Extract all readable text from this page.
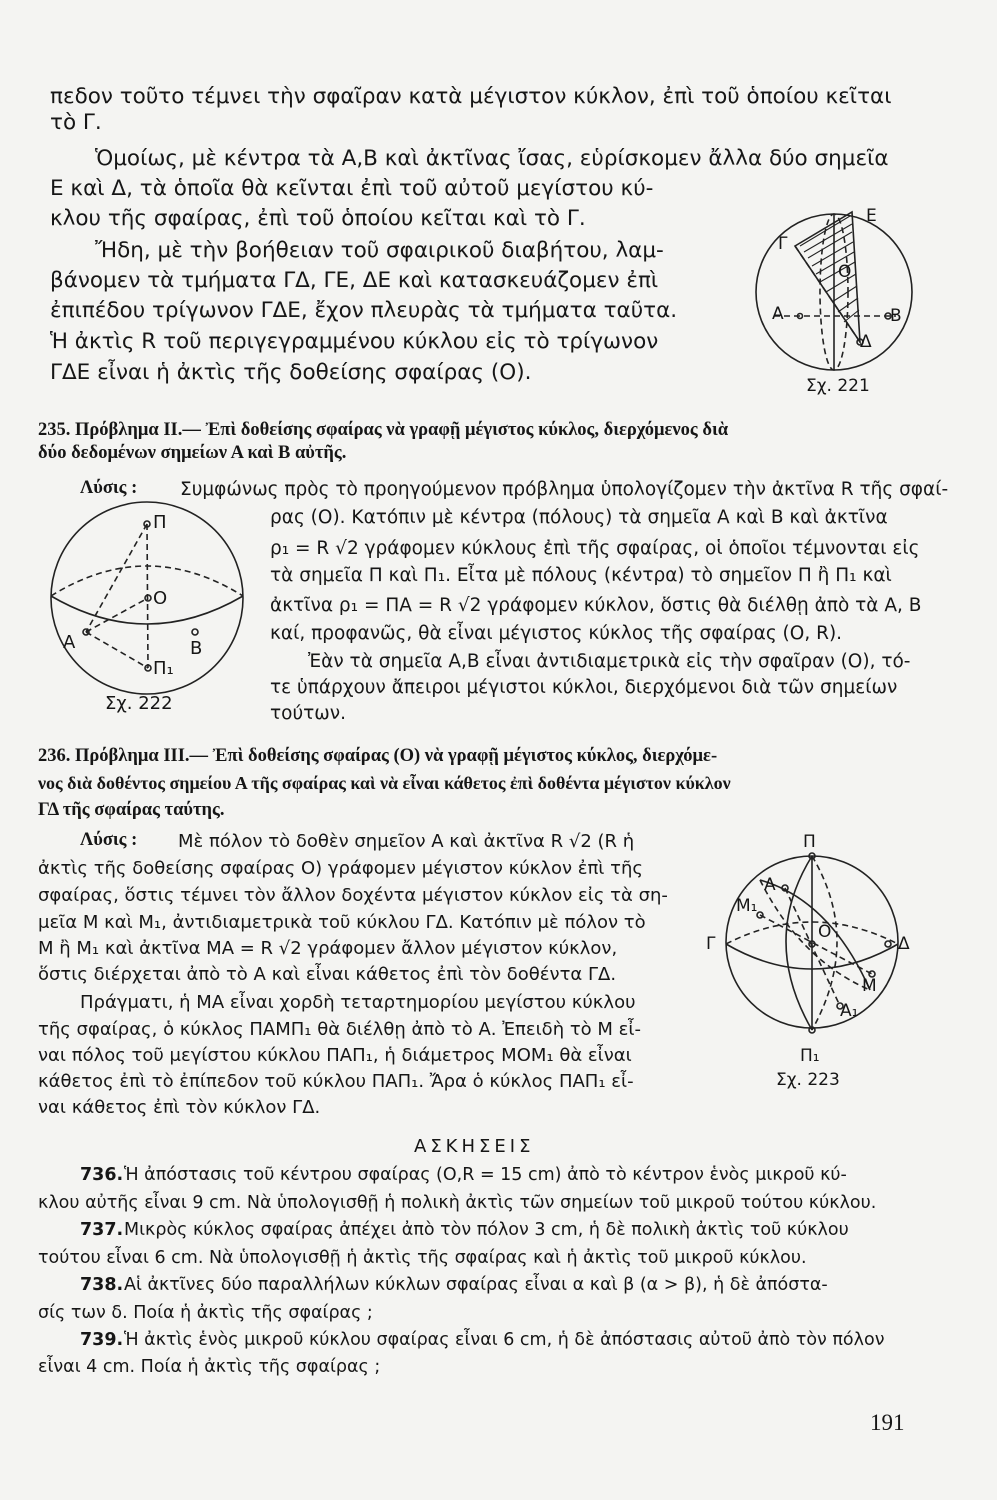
πεδον τοῦτο τέμνει τὴν σφαῖραν κατὰ μέγιστον κύκλον, ἐπὶ τοῦ ὁποίου κεῖται
τὸ Γ.
Ὁμοίως, μὲ κέντρα τὰ Α,Β καὶ ἀκτῖνας ἴσας, εὑρίσκομεν ἄλλα δύο σημεῖα
Ε καὶ Δ, τὰ ὁποῖα θὰ κεῖνται ἐπὶ τοῦ αὐτοῦ μεγίστου κύ-
κλου τῆς σφαίρας, ἐπὶ τοῦ ὁποίου κεῖται καὶ τὸ Γ.
Ἤδη, μὲ τὴν βοήθειαν τοῦ σφαιρικοῦ διαβήτου, λαμ-
βάνομεν τὰ τμήματα ΓΔ, ΓΕ, ΔΕ καὶ κατασκευάζομεν ἐπὶ
ἐπιπέδου τρίγωνον ΓΔΕ, ἔχον πλευρὰς τὰ τμήματα ταῦτα.
Ἡ ἀκτὶς R τοῦ περιγεγραμμένου κύκλου εἰς τὸ τρίγωνον
ΓΔΕ εἶναι ἡ ἀκτὶς τῆς δοθείσης σφαίρας (Ο).
Γ
Ε
Ο
Α	Β
Δ
Σχ. 221
235. Πρόβλημα ΙΙ.— Ἐπὶ δοθείσης σφαίρας νὰ γραφῇ μέγιστος κύκλος, διερχόμενος διὰ
δύο δεδομένων σημείων Α καὶ Β αὐτῆς.
Λύσις : Συμφώνως πρὸς τὸ προηγούμενον πρόβλημα ὑπολογίζομεν τὴν ἀκτῖνα R τῆς σφαί-
ρας (Ο). Κατόπιν μὲ κέντρα (πόλους) τὰ σημεῖα Α καὶ Β καὶ ἀκτῖνα
ρ₁ = R √2 γράφομεν κύκλους ἐπὶ τῆς σφαίρας, οἱ ὁποῖοι τέμνονται εἰς
τὰ σημεῖα Π καὶ Π₁. Εἶτα μὲ πόλους (κέντρα) τὸ σημεῖον Π ἢ Π₁ καὶ
ἀκτῖνα ρ₁ = ΠΑ = R √2 γράφομεν κύκλον, ὅστις θὰ διέλθῃ ἀπὸ τὰ Α, Β
καί, προφανῶς, θὰ εἶναι μέγιστος κύκλος τῆς σφαίρας (Ο, R).
Ἐὰν τὰ σημεῖα Α,Β εἶναι ἀντιδιαμετρικὰ εἰς τὴν σφαῖραν (Ο), τό-
τε ὑπάρχουν ἄπειροι μέγιστοι κύκλοι, διερχόμενοι διὰ τῶν σημείων
τούτων.
Π
Ο
Α	Β
Π₁
Σχ. 222
236. Πρόβλημα ΙΙΙ.— Ἐπὶ δοθείσης σφαίρας (Ο) νὰ γραφῇ μέγιστος κύκλος, διερχόμε-
νος διὰ δοθέντος σημείου Α τῆς σφαίρας καὶ νὰ εἶναι κάθετος ἐπὶ δοθέντα μέγιστον κύκλον
ΓΔ τῆς σφαίρας ταύτης.
Λύσις : Μὲ πόλον τὸ δοθὲν σημεῖον Α καὶ ἀκτῖνα R √2 (R ἡ
ἀκτὶς τῆς δοθείσης σφαίρας Ο) γράφομεν μέγιστον κύκλον ἐπὶ τῆς
σφαίρας, ὅστις τέμνει τὸν ἄλλον δοχέντα μέγιστον κύκλον εἰς τὰ ση-
μεῖα Μ καὶ Μ₁, ἀντιδιαμετρικὰ τοῦ κύκλου ΓΔ. Κατόπιν μὲ πόλον τὸ
Μ ἢ Μ₁ καὶ ἀκτῖνα ΜΑ = R √2 γράφομεν ἄλλον μέγιστον κύκλον,
ὅστις διέρχεται ἀπὸ τὸ Α καὶ εἶναι κάθετος ἐπὶ τὸν δοθέντα ΓΔ.
Πράγματι, ἡ ΜΑ εἶναι χορδὴ τεταρτημορίου μεγίστου κύκλου
τῆς σφαίρας, ὁ κύκλος ΠΑΜΠ₁ θὰ διέλθῃ ἀπὸ τὸ Α. Ἐπειδὴ τὸ Μ εἶ-
ναι πόλος τοῦ μεγίστου κύκλου ΠΑΠ₁, ἡ διάμετρος ΜΟΜ₁ θὰ εἶναι
κάθετος ἐπὶ τὸ ἐπίπεδον τοῦ κύκλου ΠΑΠ₁. Ἄρα ὁ κύκλος ΠΑΠ₁ εἶ-
ναι κάθετος ἐπὶ τὸν κύκλον ΓΔ.
Π
Α
Μ₁
Γ
Ο
Δ
Μ
Α₁
Π₁
Σχ. 223
ΑΣΚΗΣΕΙΣ
736. Ἡ ἀπόστασις τοῦ κέντρου σφαίρας (Ο,R = 15 cm) ἀπὸ τὸ κέντρον ἑνὸς μικροῦ κύ-
κλου αὐτῆς εἶναι 9 cm. Νὰ ὑπολογισθῇ ἡ πολικὴ ἀκτὶς τῶν σημείων τοῦ μικροῦ τούτου κύκλου.
737. Μικρὸς κύκλος σφαίρας ἀπέχει ἀπὸ τὸν πόλον 3 cm, ἡ δὲ πολικὴ ἀκτὶς τοῦ κύκλου
τούτου εἶναι 6 cm. Νὰ ὑπολογισθῇ ἡ ἀκτὶς τῆς σφαίρας καὶ ἡ ἀκτὶς τοῦ μικροῦ κύκλου.
738. Αἱ ἀκτῖνες δύο παραλλήλων κύκλων σφαίρας εἶναι α καὶ β (α > β), ἡ δὲ ἀπόστα-
σίς των δ. Ποία ἡ ἀκτὶς τῆς σφαίρας ;
739. Ἡ ἀκτὶς ἑνὸς μικροῦ κύκλου σφαίρας εἶναι 6 cm, ἡ δὲ ἀπόστασις αὐτοῦ ἀπὸ τὸν πόλον
εἶναι 4 cm. Ποία ἡ ἀκτὶς τῆς σφαίρας ;
191
